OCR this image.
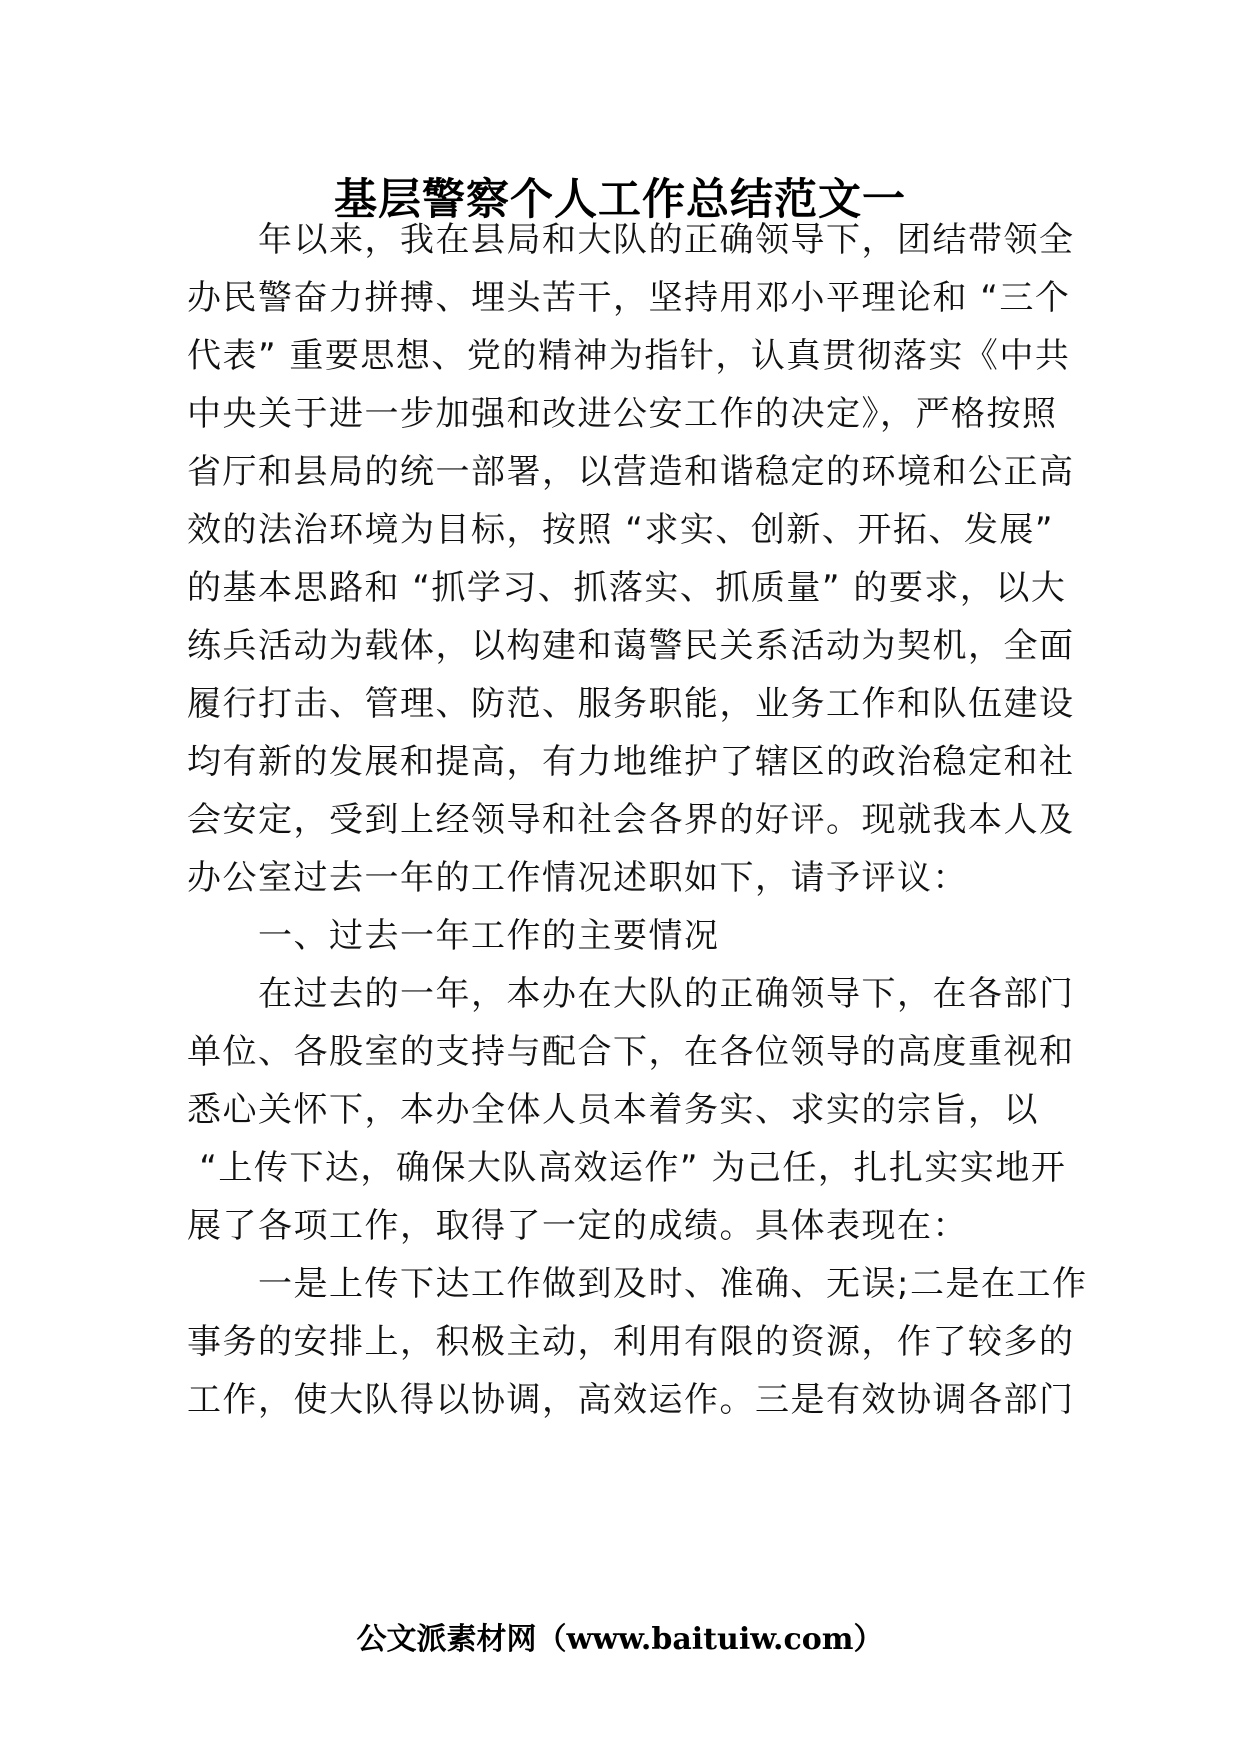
基层警察个人工作总结范文一
　　年以来，我在县局和大队的正确领导下，团结带领全
办民警奋力拼搏、埋头苦干，坚持用邓小平理论和 “三个
代表” 重要思想、党的精神为指针，认真贯彻落实《中共
中央关于进一步加强和改进公安工作的决定》，严格按照
省厅和县局的统一部署，以营造和谐稳定的环境和公正高
效的法治环境为目标，按照 “求实、创新、开拓、发展”
的基本思路和 “抓学习、抓落实、抓质量” 的要求，以大
练兵活动为载体，以构建和蔼警民关系活动为契机，全面
履行打击、管理、防范、服务职能，业务工作和队伍建设
均有新的发展和提高，有力地维护了辖区的政治稳定和社
会安定，受到上经领导和社会各界的好评。现就我本人及
办公室过去一年的工作情况述职如下，请予评议：
　　一、过去一年工作的主要情况
　　在过去的一年，本办在大队的正确领导下，在各部门
单位、各股室的支持与配合下，在各位领导的高度重视和
悉心关怀下，本办全体人员本着务实、求实的宗旨，以
“上传下达，确保大队高效运作” 为己任，扎扎实实地开
展了各项工作，取得了一定的成绩。具体表现在：
　　一是上传下达工作做到及时、准确、无误;二是在工作
事务的安排上，积极主动，利用有限的资源，作了较多的
工作，使大队得以协调，高效运作。三是有效协调各部门
公文派素材网（www.baituiw.com）
